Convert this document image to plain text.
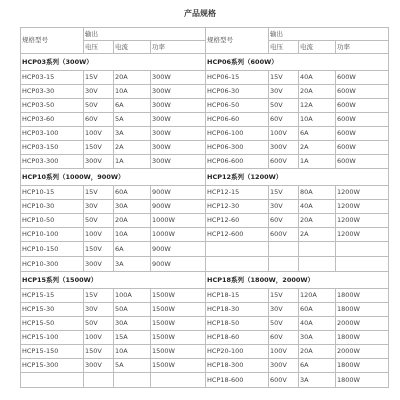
产品规格
规格型号	输出			规格型号	输出		
	电压	电流	功率		电压	电流	功率
HCP03系列（300W）				HCP06系列（600W）			
HCP03-15	15V	20A	300W	HCP06-15	15V	40A	600W
HCP03-30	30V	10A	300W	HCP06-30	30V	20A	600W
HCP03-50	50V	6A	300W	HCP06-50	50V	12A	600W
HCP03-60	60V	5A	300W	HCP06-60	60V	10A	600W
HCP03-100	100V	3A	300W	HCP06-100	100V	6A	600W
HCP03-150	150V	2A	300W	HCP06-300	300V	2A	600W
HCP03-300	300V	1A	300W	HCP06-600	600V	1A	600W
HCP10系列（1000W，900W）				HCP12系列（1200W）			
HCP10-15	15V	60A	900W	HCP12-15	15V	80A	1200W
HCP10-30	30V	30A	900W	HCP12-30	30V	40A	1200W
HCP10-50	50V	20A	1000W	HCP12-60	60V	20A	1200W
HCP10-100	100V	10A	1000W	HCP12-600	600V	2A	1200W
HCP10-150	150V	6A	900W				
HCP10-300	300V	3A	900W				
HCP15系列（1500W）				HCP18系列（1800W，2000W）			
HCP15-15	15V	100A	1500W	HCP18-15	15V	120A	1800W
HCP15-30	30V	50A	1500W	HCP18-30	30V	60A	1800W
HCP15-50	50V	30A	1500W	HCP18-50	50V	40A	2000W
HCP15-100	100V	15A	1500W	HCP18-60	60V	30A	1800W
HCP15-150	150V	10A	1500W	HCP20-100	100V	20A	2000W
HCP15-300	300V	5A	1500W	HCP18-300	300V	6A	1800W
				HCP18-600	600V	3A	1800W
